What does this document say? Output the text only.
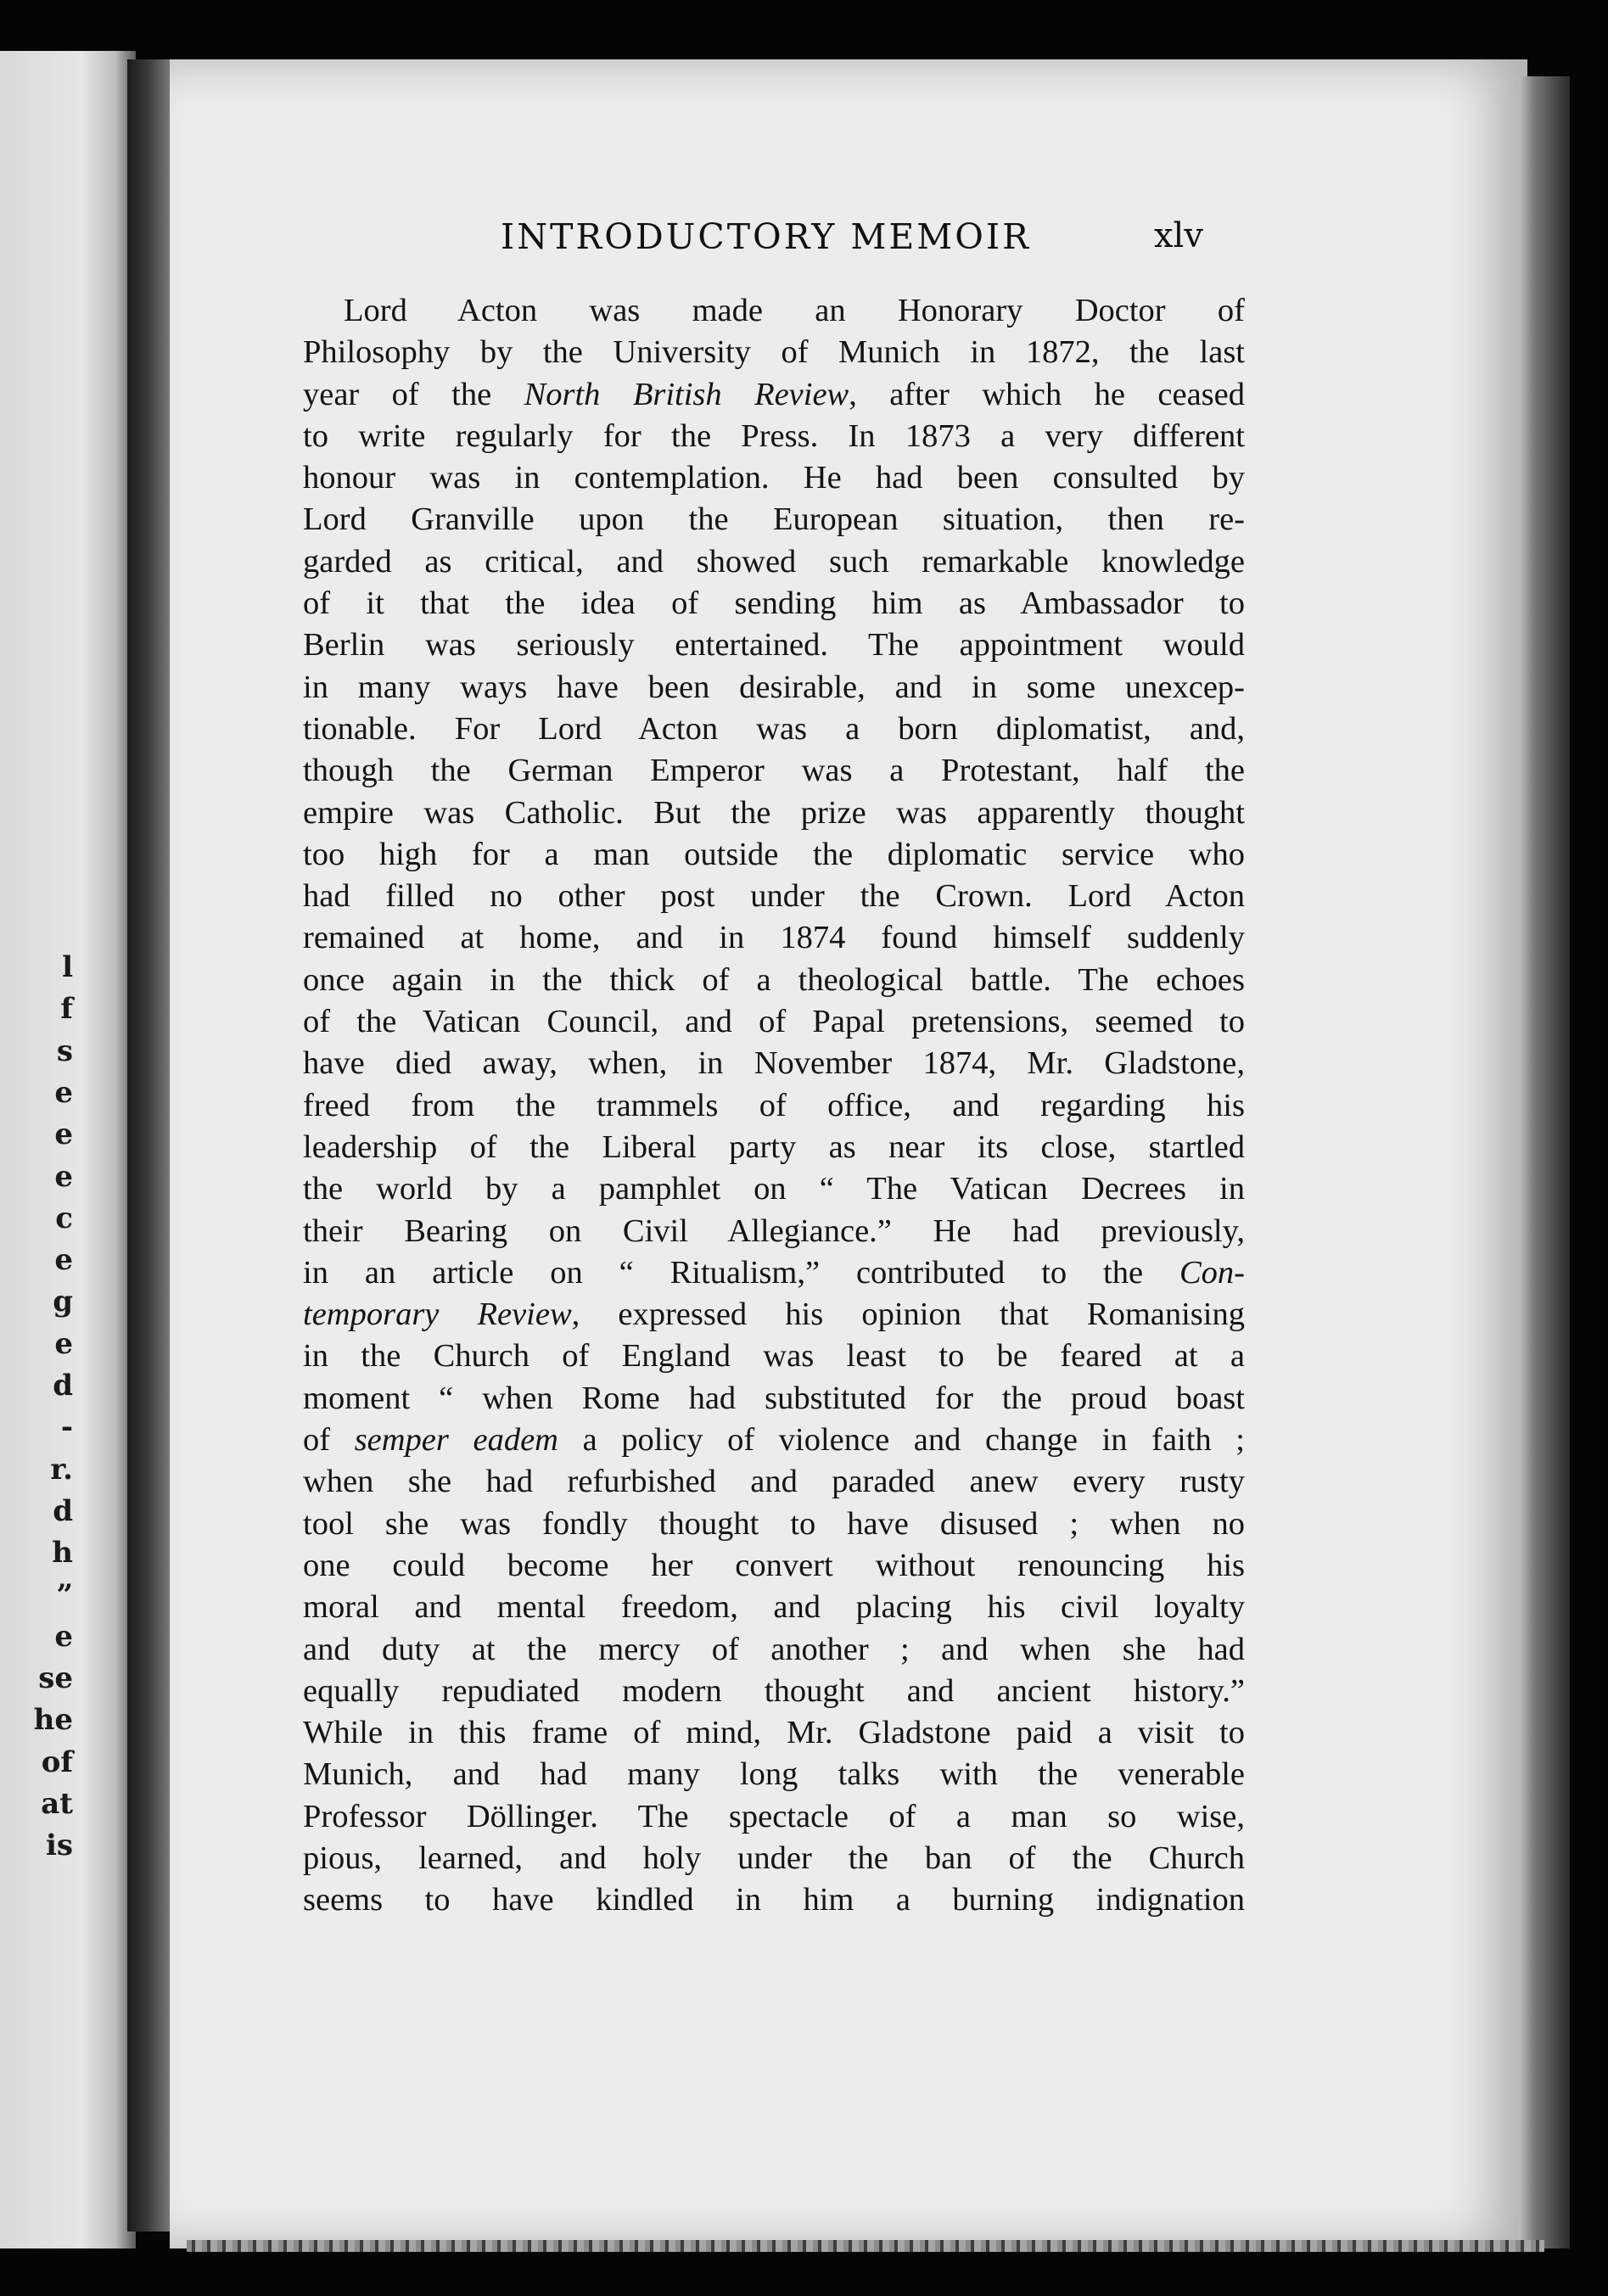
l
f
s
e
e
e
c
e
g
e
d
-
r.
d
h
”
e
se
he
of
at
is
INTRODUCTORY MEMOIR	xlv
Lord Acton was made an Honorary Doctor of
Philosophy by the University of Munich in 1872, the last
year of the North British Review, after which he ceased
to write regularly for the Press. In 1873 a very different
honour was in contemplation. He had been consulted by
Lord Granville upon the European situation, then re-
garded as critical, and showed such remarkable knowledge
of it that the idea of sending him as Ambassador to
Berlin was seriously entertained. The appointment would
in many ways have been desirable, and in some unexcep-
tionable. For Lord Acton was a born diplomatist, and,
though the German Emperor was a Protestant, half the
empire was Catholic. But the prize was apparently thought
too high for a man outside the diplomatic service who
had filled no other post under the Crown. Lord Acton
remained at home, and in 1874 found himself suddenly
once again in the thick of a theological battle. The echoes
of the Vatican Council, and of Papal pretensions, seemed to
have died away, when, in November 1874, Mr. Gladstone,
freed from the trammels of office, and regarding his
leadership of the Liberal party as near its close, startled
the world by a pamphlet on “ The Vatican Decrees in
their Bearing on Civil Allegiance.” He had previously,
in an article on “ Ritualism,” contributed to the Con-
temporary Review, expressed his opinion that Romanising
in the Church of England was least to be feared at a
moment “ when Rome had substituted for the proud boast
of semper eadem a policy of violence and change in faith ;
when she had refurbished and paraded anew every rusty
tool she was fondly thought to have disused ; when no
one could become her convert without renouncing his
moral and mental freedom, and placing his civil loyalty
and duty at the mercy of another ; and when she had
equally repudiated modern thought and ancient history.”
While in this frame of mind, Mr. Gladstone paid a visit to
Munich, and had many long talks with the venerable
Professor Döllinger. The spectacle of a man so wise,
pious, learned, and holy under the ban of the Church
seems to have kindled in him a burning indignation
